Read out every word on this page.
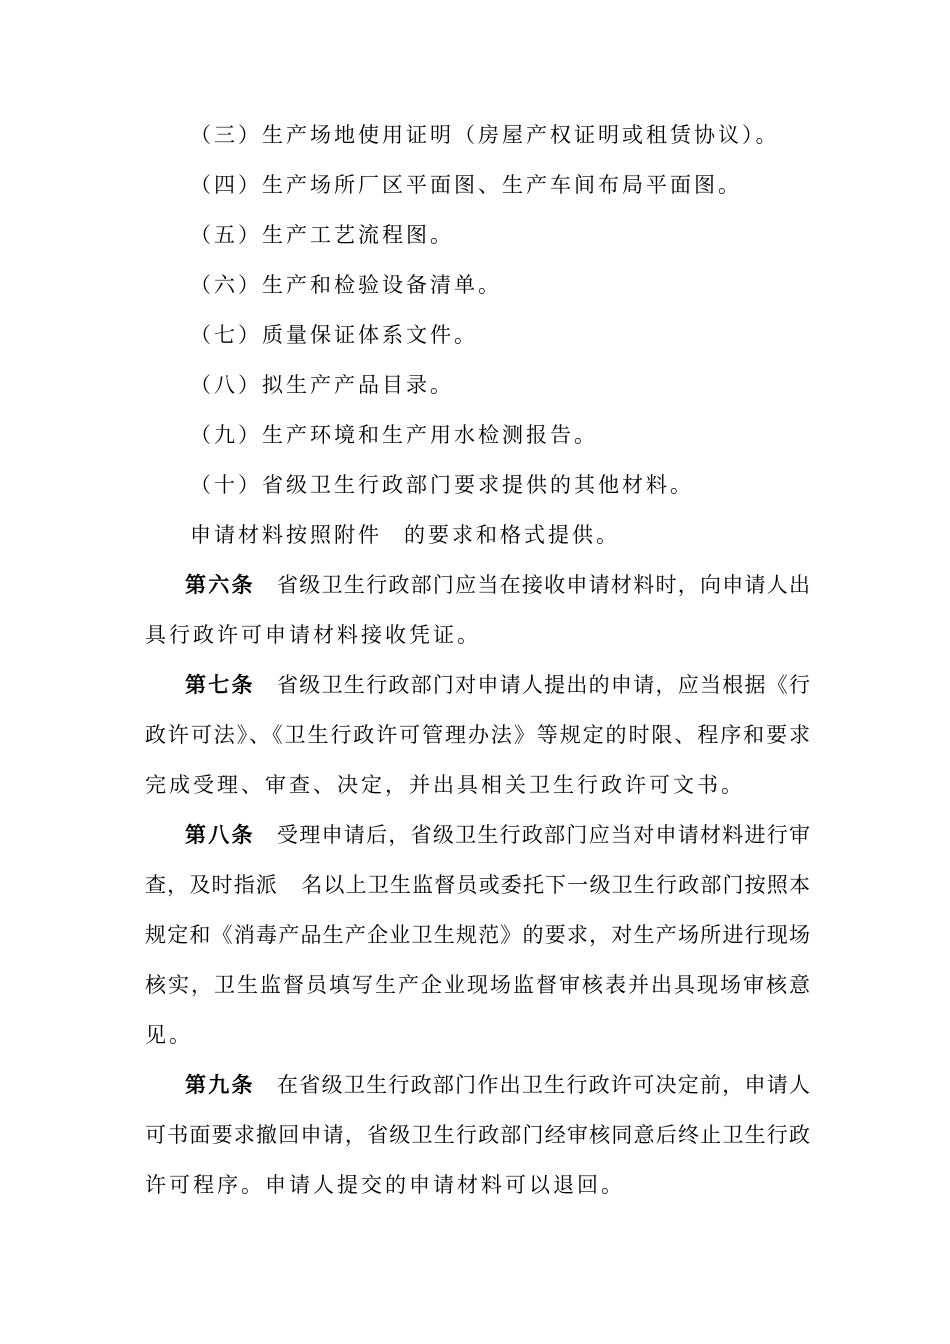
（三）生产场地使用证明（房屋产权证明或租赁协议）。
（四）生产场所厂区平面图、生产车间布局平面图。
（五）生产工艺流程图。
（六）生产和检验设备清单。
（七）质量保证体系文件。
（八）拟生产产品目录。
（九）生产环境和生产用水检测报告。
（十）省级卫生行政部门要求提供的其他材料。
申请材料按照附件 的要求和格式提供。
第六条　 省级卫生行政部门应当在接收申请材料时，向申请人出
具行政许可申请材料接收凭证。
第七条　 省级卫生行政部门对申请人提出的申请，应当根据《行
政许可法》、《卫生行政许可管理办法》等规定的时限、程序和要求
完成受理、审查、决定，并出具相关卫生行政许可文书。
第八条　 受理申请后，省级卫生行政部门应当对申请材料进行审
查，及时指派 名以上卫生监督员或委托下一级卫生行政部门按照本
规定和《消毒产品生产企业卫生规范》的要求，对生产场所进行现场
核实，卫生监督员填写生产企业现场监督审核表并出具现场审核意
见。
第九条　 在省级卫生行政部门作出卫生行政许可决定前，申请人
可书面要求撤回申请，省级卫生行政部门经审核同意后终止卫生行政
许可程序。申请人提交的申请材料可以退回。
